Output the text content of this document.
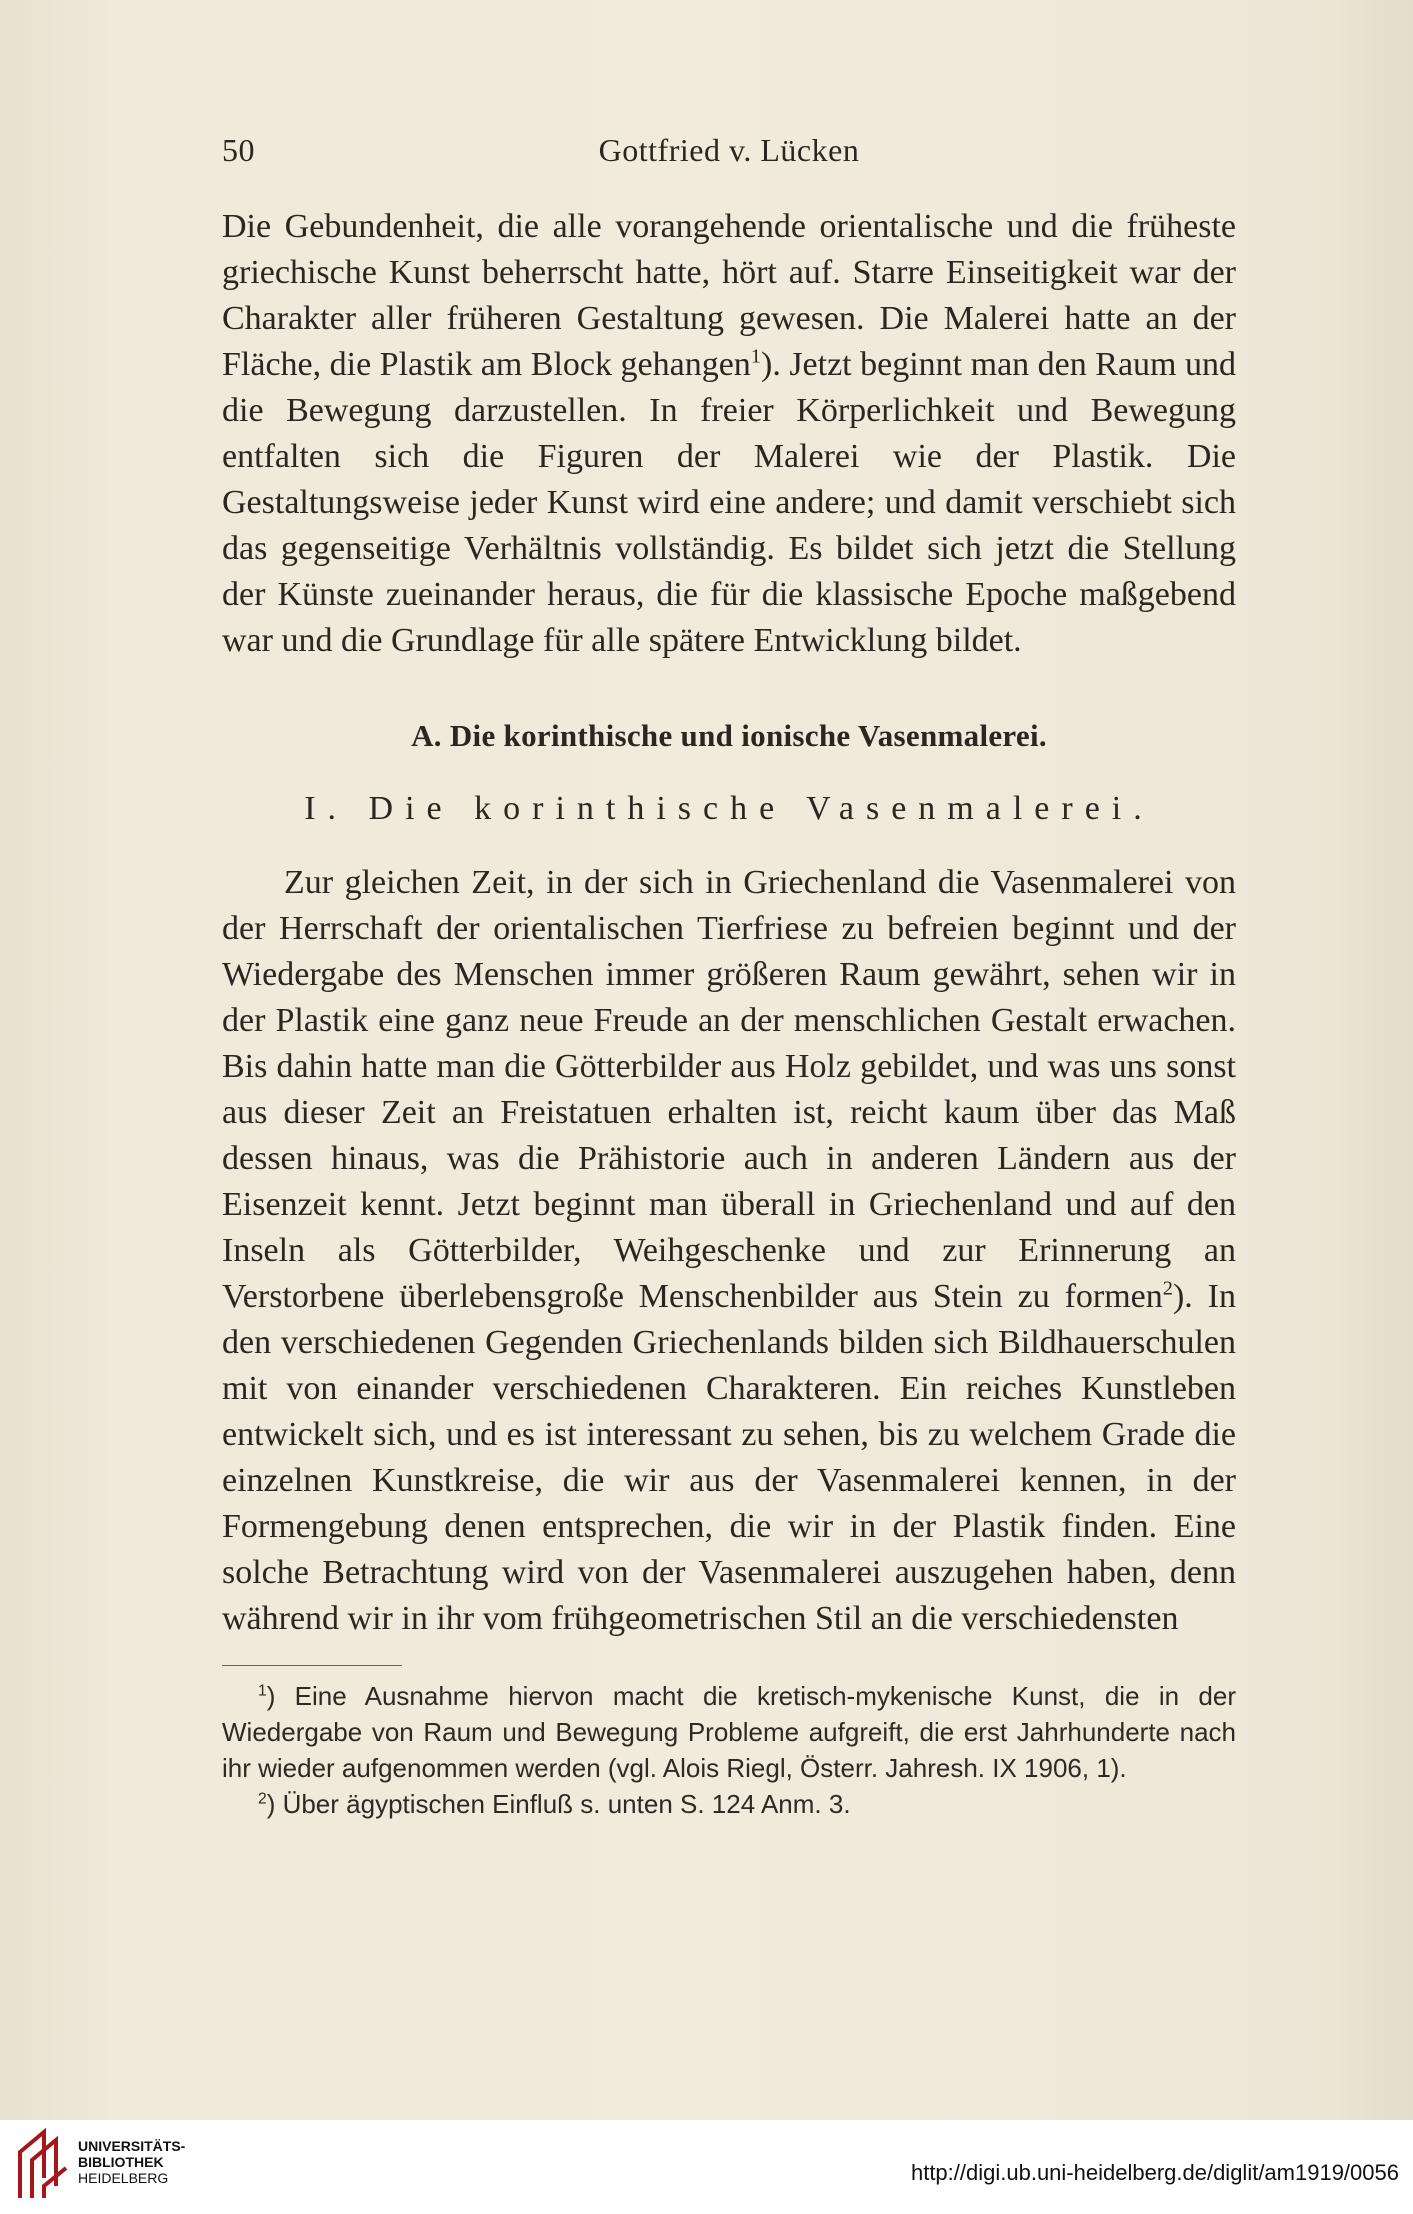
50	Gottfried v. Lücken

Die Gebundenheit, die alle vorangehende orientalische und die früheste griechische Kunst beherrscht hatte, hört auf. Starre Einseitigkeit war der Charakter aller früheren Gestaltung gewesen. Die Malerei hatte an der Fläche, die Plastik am Block gehangen$^1$). Jetzt beginnt man den Raum und die Bewegung darzustellen. In freier Körperlichkeit und Bewegung entfalten sich die Figuren der Malerei wie der Plastik. Die Gestaltungsweise jeder Kunst wird eine andere; und damit verschiebt sich das gegenseitige Verhältnis vollständig. Es bildet sich jetzt die Stellung der Künste zueinander heraus, die für die klassische Epoche maßgebend war und die Grundlage für alle spätere Entwicklung bildet.

A. Die korinthische und ionische Vasenmalerei.
I. Die korinthische Vasenmalerei.

Zur gleichen Zeit, in der sich in Griechenland die Vasenmalerei von der Herrschaft der orientalischen Tierfriese zu befreien beginnt und der Wiedergabe des Menschen immer größeren Raum gewährt, sehen wir in der Plastik eine ganz neue Freude an der menschlichen Gestalt erwachen. Bis dahin hatte man die Götterbilder aus Holz gebildet, und was uns sonst aus dieser Zeit an Freistatuen erhalten ist, reicht kaum über das Maß dessen hinaus, was die Prähistorie auch in anderen Ländern aus der Eisenzeit kennt. Jetzt beginnt man überall in Griechenland und auf den Inseln als Götterbilder, Weihgeschenke und zur Erinnerung an Verstorbene überlebensgroße Menschenbilder aus Stein zu formen$^2$). In den verschiedenen Gegenden Griechenlands bilden sich Bildhauerschulen mit von einander verschiedenen Charakteren. Ein reiches Kunstleben entwickelt sich, und es ist interessant zu sehen, bis zu welchem Grade die einzelnen Kunstkreise, die wir aus der Vasenmalerei kennen, in der Formengebung denen entsprechen, die wir in der Plastik finden. Eine solche Betrachtung wird von der Vasenmalerei auszugehen haben, denn während wir in ihr vom frühgeometrischen Stil an die verschiedensten

$^1$) Eine Ausnahme hiervon macht die kretisch-mykenische Kunst, die in der Wiedergabe von Raum und Bewegung Probleme aufgreift, die erst Jahrhunderte nach ihr wieder aufgenommen werden (vgl. Alois Riegl, Österr. Jahresh. IX 1906, 1).

$^2$) Über ägyptischen Einfluß s. unten S. 124 Anm. 3.

UNIVERSITÄTS-
BIBLIOTHEK
HEIDELBERG	http://digi.ub.uni-heidelberg.de/diglit/am1919/0056
